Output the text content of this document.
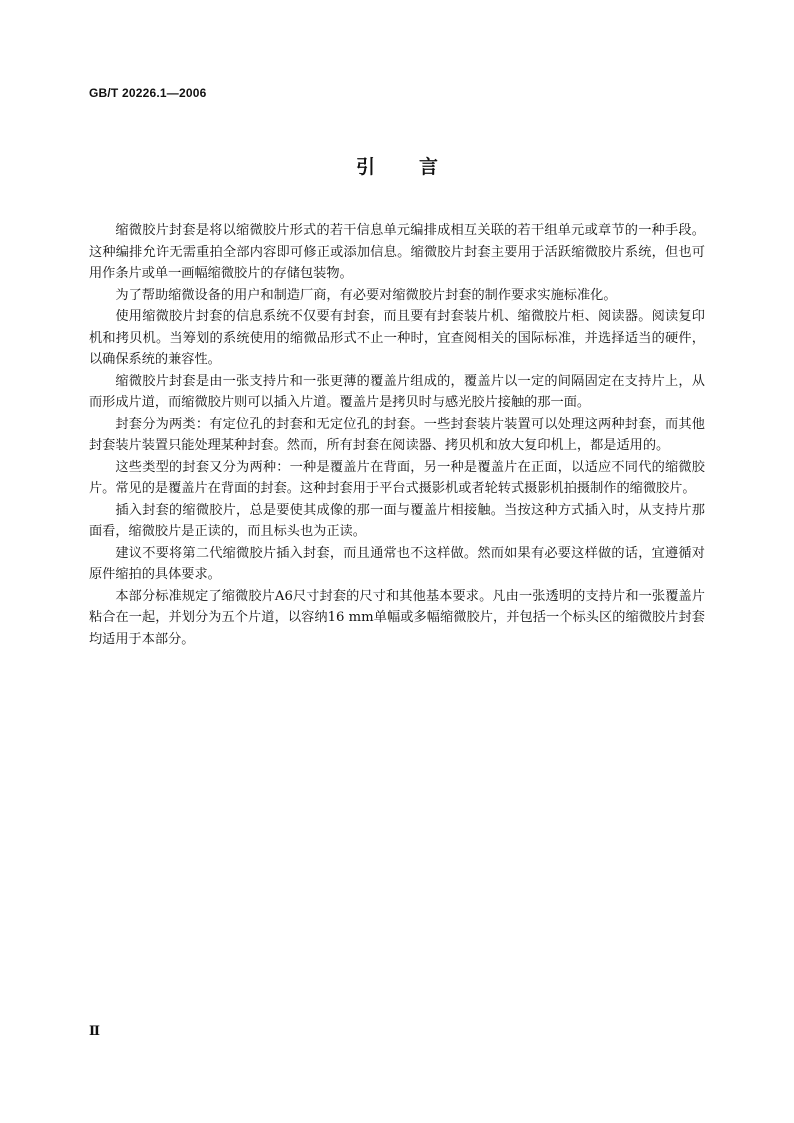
GB/T 20226.1—2006
引言

缩微胶片封套是将以缩微胶片形式的若干信息单元编排成相互关联的若干组单元或章节的一种手段。这种编排允许无需重拍全部内容即可修正或添加信息。缩微胶片封套主要用于活跃缩微胶片系统，但也可用作条片或单一画幅缩微胶片的存储包装物。

为了帮助缩微设备的用户和制造厂商，有必要对缩微胶片封套的制作要求实施标准化。

使用缩微胶片封套的信息系统不仅要有封套，而且要有封套装片机、缩微胶片柜、阅读器。阅读复印机和拷贝机。当筹划的系统使用的缩微品形式不止一种时，宜查阅相关的国际标准，并选择适当的硬件，以确保系统的兼容性。

缩微胶片封套是由一张支持片和一张更薄的覆盖片组成的，覆盖片以一定的间隔固定在支持片上，从而形成片道，而缩微胶片则可以插入片道。覆盖片是拷贝时与感光胶片接触的那一面。

封套分为两类：有定位孔的封套和无定位孔的封套。一些封套装片装置可以处理这两种封套，而其他封套装片装置只能处理某种封套。然而，所有封套在阅读器、拷贝机和放大复印机上，都是适用的。

这些类型的封套又分为两种：一种是覆盖片在背面，另一种是覆盖片在正面，以适应不同代的缩微胶片。常见的是覆盖片在背面的封套。这种封套用于平台式摄影机或者轮转式摄影机拍摄制作的缩微胶片。

插入封套的缩微胶片，总是要使其成像的那一面与覆盖片相接触。当按这种方式插入时，从支持片那面看，缩微胶片是正读的，而且标头也为正读。

建议不要将第二代缩微胶片插入封套，而且通常也不这样做。然而如果有必要这样做的话，宜遵循对原件缩拍的具体要求。

本部分标准规定了缩微胶片A6尺寸封套的尺寸和其他基本要求。凡由一张透明的支持片和一张覆盖片粘合在一起，并划分为五个片道，以容纳16 mm单幅或多幅缩微胶片，并包括一个标头区的缩微胶片封套均适用于本部分。

Ⅱ
